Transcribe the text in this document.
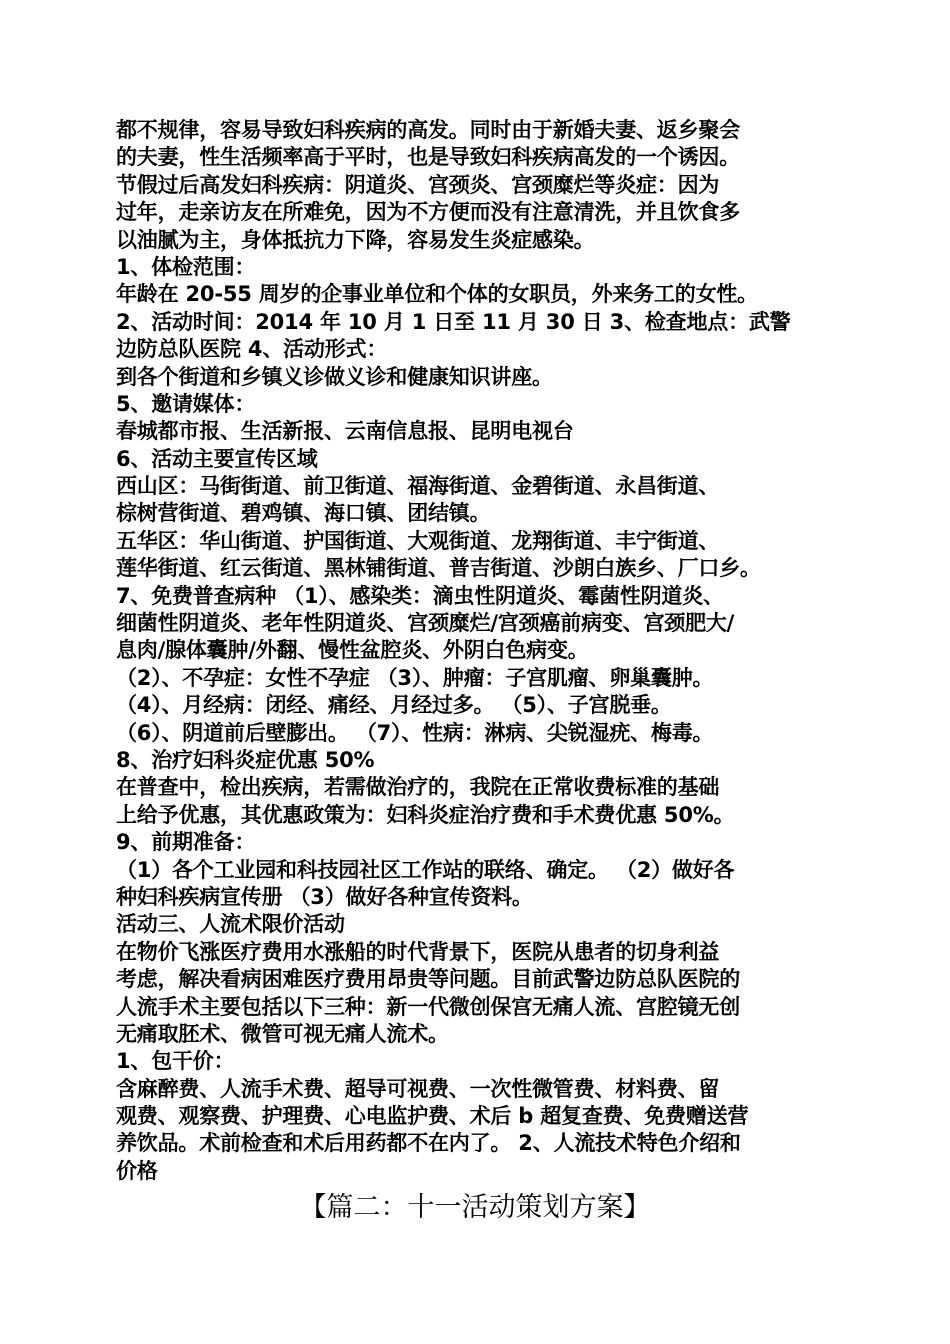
都不规律，容易导致妇科疾病的高发。同时由于新婚夫妻、返乡聚会
的夫妻，性生活频率高于平时，也是导致妇科疾病高发的一个诱因。
节假过后高发妇科疾病：阴道炎、宫颈炎、宫颈糜烂等炎症：因为
过年，走亲访友在所难免，因为不方便而没有注意清洗，并且饮食多
以油腻为主，身体抵抗力下降，容易发生炎症感染。
1、体检范围：
年龄在 20-55 周岁的企事业单位和个体的女职员，外来务工的女性。
2、活动时间：2014 年 10 月 1 日至 11 月 30 日 3、检查地点：武警
边防总队医院 4、活动形式：
到各个街道和乡镇义诊做义诊和健康知识讲座。
5、邀请媒体：
春城都市报、生活新报、云南信息报、昆明电视台
6、活动主要宣传区域
西山区：马街街道、前卫街道、福海街道、金碧街道、永昌街道、
棕树营街道、碧鸡镇、海口镇、团结镇。
五华区：华山街道、护国街道、大观街道、龙翔街道、丰宁街道、
莲华街道、红云街道、黑林铺街道、普吉街道、沙朗白族乡、厂口乡。
7、免费普查病种 （1）、感染类：滴虫性阴道炎、霉菌性阴道炎、
细菌性阴道炎、老年性阴道炎、宫颈糜烂/宫颈癌前病变、宫颈肥大/
息肉/腺体囊肿/外翻、慢性盆腔炎、外阴白色病变。
（2）、不孕症：女性不孕症 （3）、肿瘤：子宫肌瘤、卵巢囊肿。
（4）、月经病：闭经、痛经、月经过多。 （5）、子宫脱垂。
（6）、阴道前后壁膨出。 （7）、性病：淋病、尖锐湿疣、梅毒。
8、治疗妇科炎症优惠 50%
在普查中，检出疾病，若需做治疗的，我院在正常收费标准的基础
上给予优惠，其优惠政策为：妇科炎症治疗费和手术费优惠 50%。
9、前期准备：
（1）各个工业园和科技园社区工作站的联络、确定。 （2）做好各
种妇科疾病宣传册 （3）做好各种宣传资料。
活动三、人流术限价活动
在物价飞涨医疗费用水涨船的时代背景下，医院从患者的切身利益
考虑，解决看病困难医疗费用昂贵等问题。目前武警边防总队医院的
人流手术主要包括以下三种：新一代微创保宫无痛人流、宫腔镜无创
无痛取胚术、微管可视无痛人流术。
1、包干价：
含麻醉费、人流手术费、超导可视费、一次性微管费、材料费、留
观费、观察费、护理费、心电监护费、术后 b 超复查费、免费赠送营
养饮品。术前检查和术后用药都不在内了。 2、人流技术特色介绍和
价格
【篇二：十一活动策划方案】
